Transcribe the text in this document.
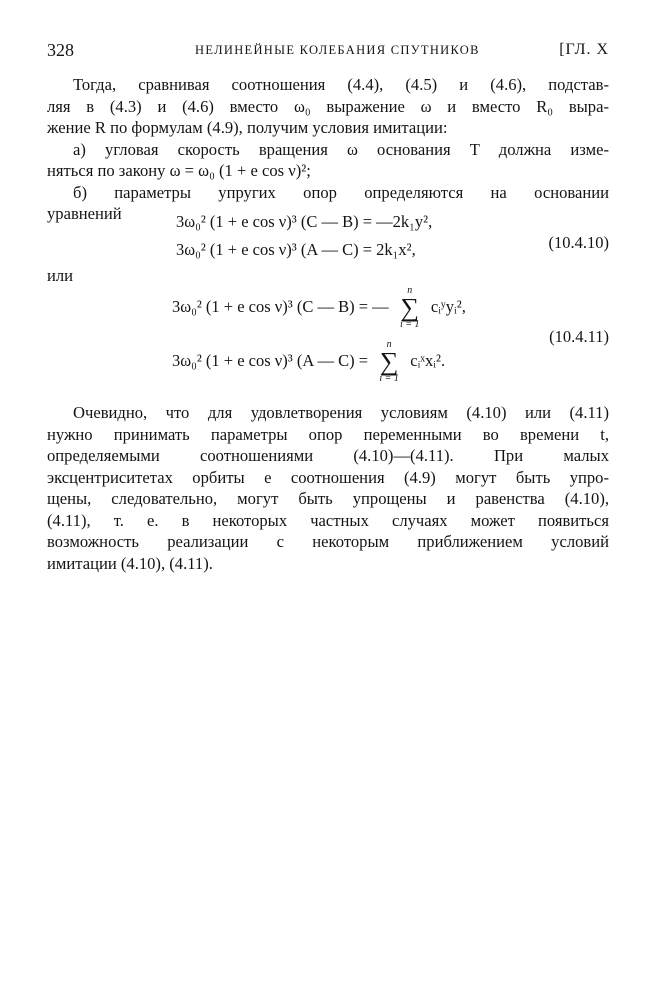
328	НЕЛИНЕЙНЫЕ КОЛЕБАНИЯ СПУТНИКОВ	[ГЛ. X
Тогда, сравнивая соотношения (4.4), (4.5) и (4.6), подстав-
ляя в (4.3) и (4.6) вместо ω₀ выражение ω и вместо R₀ выра-
жение R по формулам (4.9), получим условия имитации:
а) угловая скорость вращения ω основания T должна изме-
няться по закону ω = ω₀ (1 + e cos ν)²;
б) параметры упругих опор определяются на основании
уравнений	3ω₀² (1 + e cos ν)³ (C — B) = —2k₁y²,
3ω₀² (1 + e cos ν)³ (A — C) = 2k₁x²,	(10.4.10)
или
3ω₀² (1 + e cos ν)³ (C — B) = —
n
∑
i = 1
cᵢʸyᵢ²,
3ω₀² (1 + e cos ν)³ (A — C) =
n
∑
i = 1
cᵢˣxᵢ².
(10.4.11)
Очевидно, что для удовлетворения условиям (4.10) или (4.11)
нужно принимать параметры опор переменными во времени t,
определяемыми соотношениями (4.10)—(4.11). При малых
эксцентриситетах орбиты e соотношения (4.9) могут быть упро-
щены, следовательно, могут быть упрощены и равенства (4.10),
(4.11), т. е. в некоторых частных случаях может появиться
возможность реализации с некоторым приближением условий
имитации (4.10), (4.11).
